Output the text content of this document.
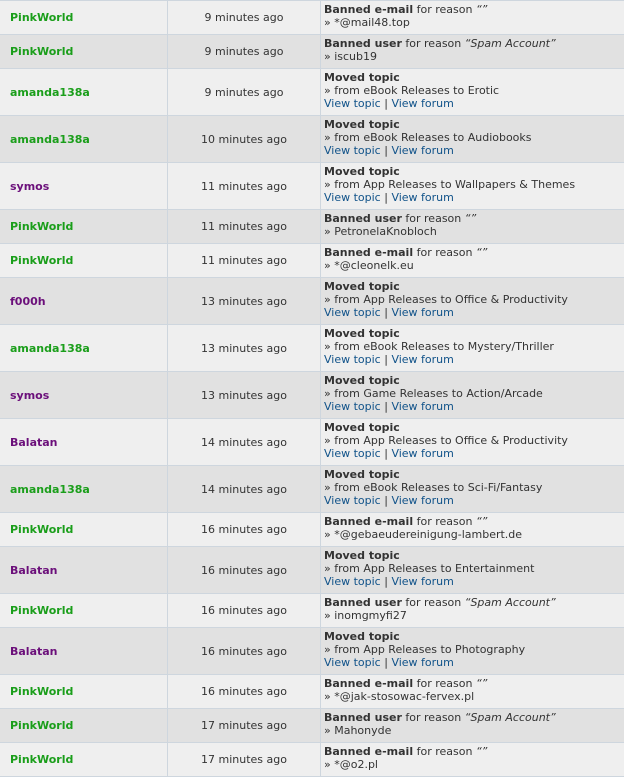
PinkWorld	9 minutes ago	Banned e-mail for reason “”
» *@mail48.top

PinkWorld	9 minutes ago	Banned user for reason “Spam Account”
» iscub19

amanda138a	9 minutes ago	Moved topic
» from eBook Releases to Erotic
View topic | View forum

amanda138a	10 minutes ago	Moved topic
» from eBook Releases to Audiobooks
View topic | View forum

symos	11 minutes ago	Moved topic
» from App Releases to Wallpapers & Themes
View topic | View forum

PinkWorld	11 minutes ago	Banned user for reason “”
» PetronelaKnobloch

PinkWorld	11 minutes ago	Banned e-mail for reason “”
» *@cleonelk.eu

f000h	13 minutes ago	Moved topic
» from App Releases to Office & Productivity
View topic | View forum

amanda138a	13 minutes ago	Moved topic
» from eBook Releases to Mystery/Thriller
View topic | View forum

symos	13 minutes ago	Moved topic
» from Game Releases to Action/Arcade
View topic | View forum

Balatan	14 minutes ago	Moved topic
» from App Releases to Office & Productivity
View topic | View forum

amanda138a	14 minutes ago	Moved topic
» from eBook Releases to Sci-Fi/Fantasy
View topic | View forum

PinkWorld	16 minutes ago	Banned e-mail for reason “”
» *@gebaeudereinigung-lambert.de

Balatan	16 minutes ago	Moved topic
» from App Releases to Entertainment
View topic | View forum

PinkWorld	16 minutes ago	Banned user for reason “Spam Account”
» inomgmyfi27

Balatan	16 minutes ago	Moved topic
» from App Releases to Photography
View topic | View forum

PinkWorld	16 minutes ago	Banned e-mail for reason “”
» *@jak-stosowac-fervex.pl

PinkWorld	17 minutes ago	Banned user for reason “Spam Account”
» Mahonyde

PinkWorld	17 minutes ago	Banned e-mail for reason “”
» *@o2.pl
